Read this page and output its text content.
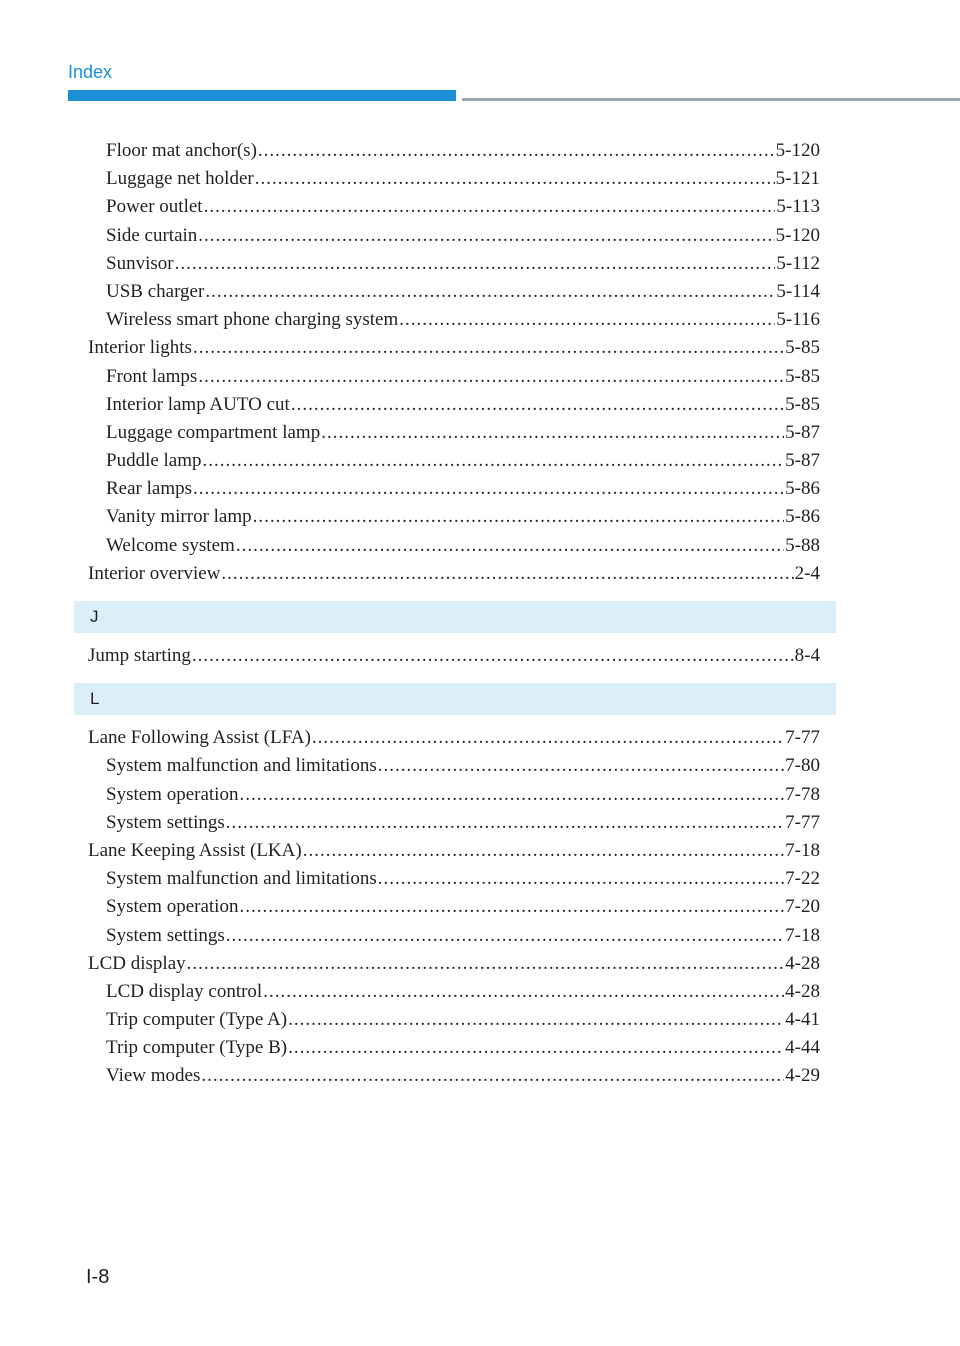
Index
Floor mat anchor(s) .....	5-120
Luggage net holder .....	5-121
Power outlet .....	5-113
Side curtain .....	5-120
Sunvisor .....	5-112
USB charger .....	5-114
Wireless smart phone charging system .....	5-116
Interior lights .....	5-85
Front lamps .....	5-85
Interior lamp AUTO cut .....	5-85
Luggage compartment lamp .....	5-87
Puddle lamp .....	5-87
Rear lamps .....	5-86
Vanity mirror lamp .....	5-86
Welcome system .....	5-88
Interior overview .....	2-4
J
Jump starting .....	8-4
L
Lane Following Assist (LFA) .....	7-77
System malfunction and limitations .....	7-80
System operation .....	7-78
System settings .....	7-77
Lane Keeping Assist (LKA) .....	7-18
System malfunction and limitations .....	7-22
System operation .....	7-20
System settings .....	7-18
LCD display .....	4-28
LCD display control .....	4-28
Trip computer (Type A) .....	4-41
Trip computer (Type B) .....	4-44
View modes .....	4-29
I-8
